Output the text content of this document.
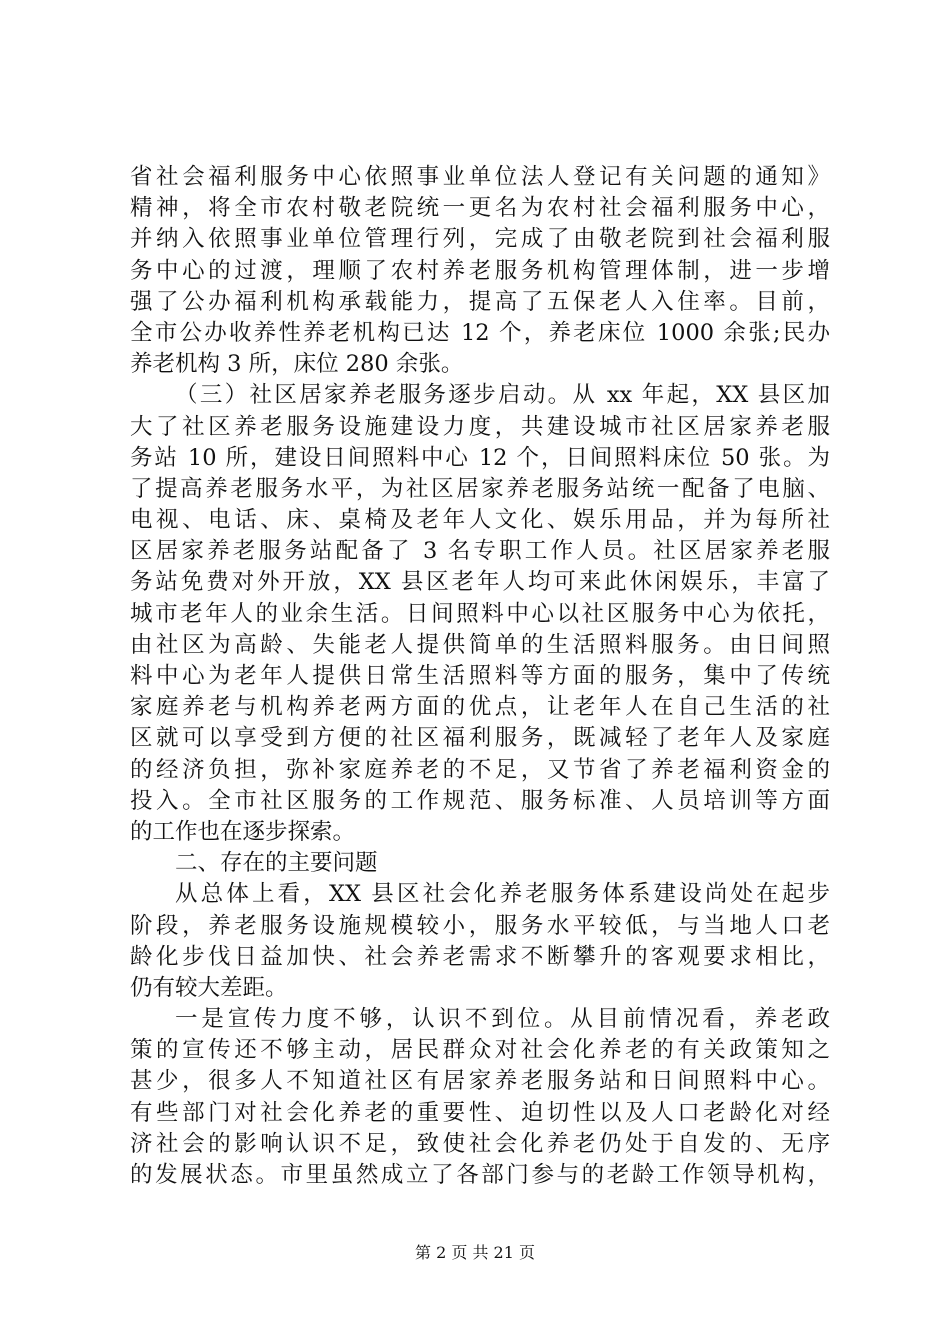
省社会福利服务中心依照事业单位法人登记有关问题的通知》
精神，将全市农村敬老院统一更名为农村社会福利服务中心，
并纳入依照事业单位管理行列，完成了由敬老院到社会福利服
务中心的过渡，理顺了农村养老服务机构管理体制，进一步增
强了公办福利机构承载能力，提高了五保老人入住率。目前，
全市公办收养性养老机构已达 12 个，养老床位 1000 余张;民办
养老机构 3 所，床位 280 余张。
（三）社区居家养老服务逐步启动。从 xx 年起，XX 县区加
大了社区养老服务设施建设力度，共建设城市社区居家养老服
务站 10 所，建设日间照料中心 12 个，日间照料床位 50 张。为
了提高养老服务水平，为社区居家养老服务站统一配备了电脑、
电视、电话、床、桌椅及老年人文化、娱乐用品，并为每所社
区居家养老服务站配备了 3 名专职工作人员。社区居家养老服
务站免费对外开放，XX 县区老年人均可来此休闲娱乐，丰富了
城市老年人的业余生活。日间照料中心以社区服务中心为依托，
由社区为高龄、失能老人提供简单的生活照料服务。由日间照
料中心为老年人提供日常生活照料等方面的服务，集中了传统
家庭养老与机构养老两方面的优点，让老年人在自己生活的社
区就可以享受到方便的社区福利服务，既减轻了老年人及家庭
的经济负担，弥补家庭养老的不足，又节省了养老福利资金的
投入。全市社区服务的工作规范、服务标准、人员培训等方面
的工作也在逐步探索。
二、存在的主要问题
从总体上看，XX 县区社会化养老服务体系建设尚处在起步
阶段，养老服务设施规模较小，服务水平较低，与当地人口老
龄化步伐日益加快、社会养老需求不断攀升的客观要求相比，
仍有较大差距。
一是宣传力度不够，认识不到位。从目前情况看，养老政
策的宣传还不够主动，居民群众对社会化养老的有关政策知之
甚少，很多人不知道社区有居家养老服务站和日间照料中心。
有些部门对社会化养老的重要性、迫切性以及人口老龄化对经
济社会的影响认识不足，致使社会化养老仍处于自发的、无序
的发展状态。市里虽然成立了各部门参与的老龄工作领导机构，
第 2 页 共 21 页
